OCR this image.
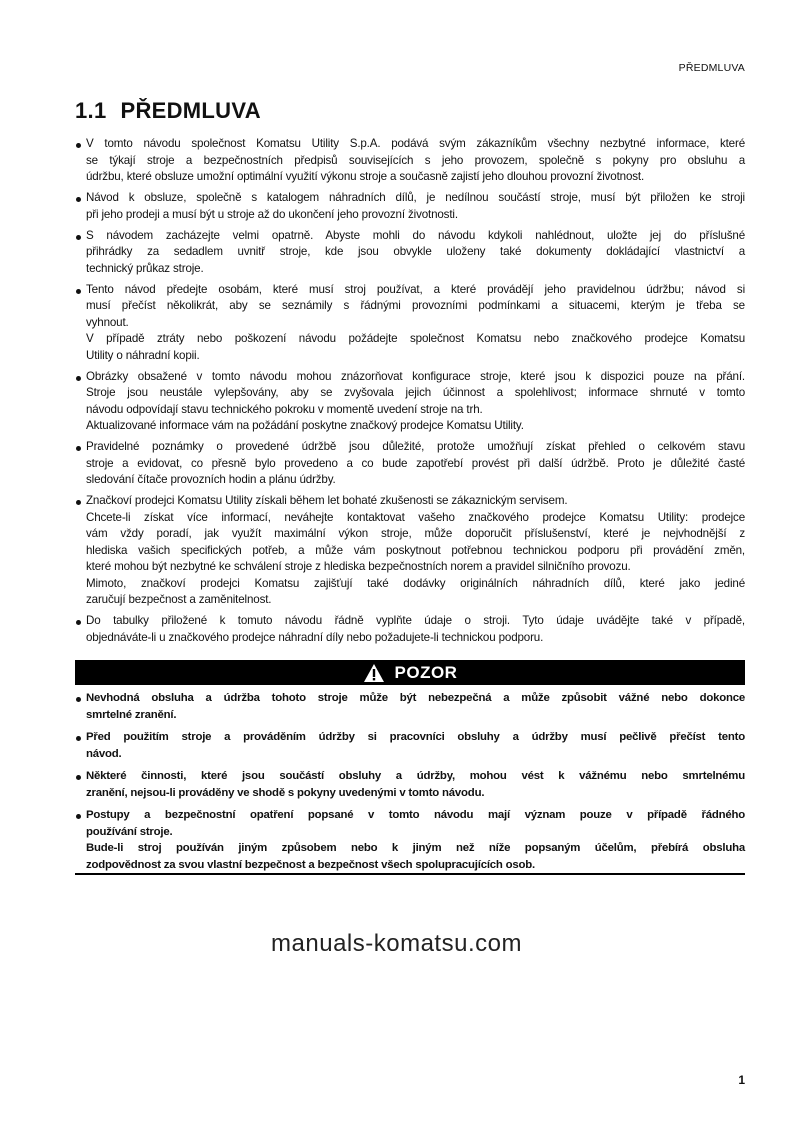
PŘEDMLUVA
1.1 PŘEDMLUVA
V tomto návodu společnost Komatsu Utility S.p.A. podává svým zákazníkům všechny nezbytné informace, které
se týkají stroje a bezpečnostních předpisů souvisejících s jeho provozem, společně s pokyny pro obsluhu a
údržbu, které obsluze umožní optimální využití výkonu stroje a současně zajistí jeho dlouhou provozní životnost.
Návod k obsluze, společně s katalogem náhradních dílů, je nedílnou součástí stroje, musí být přiložen ke stroji
při jeho prodeji a musí být u stroje až do ukončení jeho provozní životnosti.
S návodem zacházejte velmi opatrně. Abyste mohli do návodu kdykoli nahlédnout, uložte jej do příslušné
přihrádky za sedadlem uvnitř stroje, kde jsou obvykle uloženy také dokumenty dokládající vlastnictví a
technický průkaz stroje.
Tento návod předejte osobám, které musí stroj používat, a které provádějí jeho pravidelnou údržbu; návod si
musí přečíst několikrát, aby se seznámily s řádnými provozními podmínkami a situacemi, kterým je třeba se
vyhnout.
V případě ztráty nebo poškození návodu požádejte společnost Komatsu nebo značkového prodejce Komatsu
Utility o náhradní kopii.
Obrázky obsažené v tomto návodu mohou znázorňovat konfigurace stroje, které jsou k dispozici pouze na přání.
Stroje jsou neustále vylepšovány, aby se zvyšovala jejich účinnost a spolehlivost; informace shrnuté v tomto
návodu odpovídají stavu technického pokroku v momentě uvedení stroje na trh.
Aktualizované informace vám na požádání poskytne značkový prodejce Komatsu Utility.
Pravidelné poznámky o provedené údržbě jsou důležité, protože umožňují získat přehled o celkovém stavu
stroje a evidovat, co přesně bylo provedeno a co bude zapotřebí provést při další údržbě. Proto je důležité časté
sledování čítače provozních hodin a plánu údržby.
Značkoví prodejci Komatsu Utility získali během let bohaté zkušenosti se zákaznickým servisem.
Chcete-li získat více informací, neváhejte kontaktovat vašeho značkového prodejce Komatsu Utility: prodejce
vám vždy poradí, jak využít maximální výkon stroje, může doporučit příslušenství, které je nejvhodnější z
hlediska vašich specifických potřeb, a může vám poskytnout potřebnou technickou podporu při provádění změn,
které mohou být nezbytné ke schválení stroje z hlediska bezpečnostních norem a pravidel silničního provozu.
Mimoto, značkoví prodejci Komatsu zajišťují také dodávky originálních náhradních dílů, které jako jediné
zaručují bezpečnost a zaměnitelnost.
Do tabulky přiložené k tomuto návodu řádně vyplňte údaje o stroji. Tyto údaje uvádějte také v případě,
objednáváte-li u značkového prodejce náhradní díly nebo požadujete-li technickou podporu.
POZOR
Nevhodná obsluha a údržba tohoto stroje může být nebezpečná a může způsobit vážné nebo dokonce
smrtelné zranění.
Před použitím stroje a prováděním údržby si pracovníci obsluhy a údržby musí pečlivě přečíst tento
návod.
Některé činnosti, které jsou součástí obsluhy a údržby, mohou vést k vážnému nebo smrtelnému
zranění, nejsou-li prováděny ve shodě s pokyny uvedenými v tomto návodu.
Postupy a bezpečnostní opatření popsané v tomto návodu mají význam pouze v případě řádného
používání stroje.
Bude-li stroj používán jiným způsobem nebo k jiným než níže popsaným účelům, přebírá obsluha
zodpovědnost za svou vlastní bezpečnost a bezpečnost všech spolupracujících osob.
manuals-komatsu.com
1
